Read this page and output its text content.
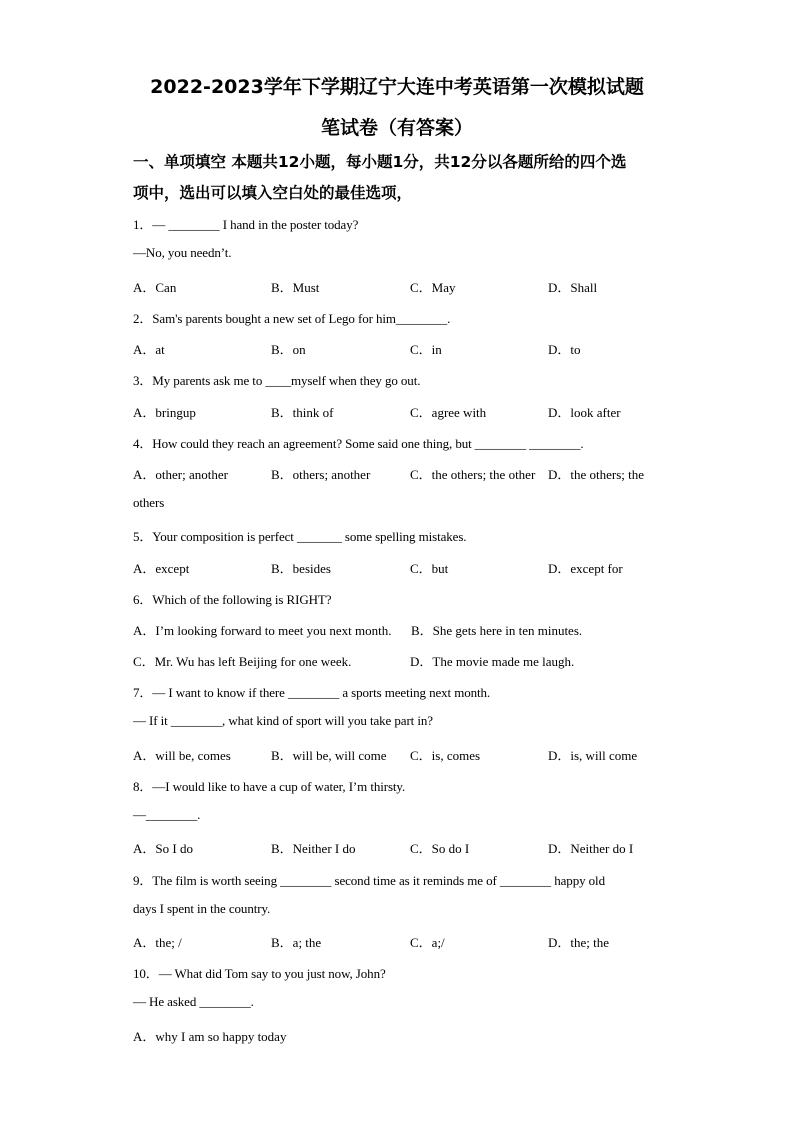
2022-2023学年下学期辽宁大连中考英语第一次模拟试题
笔试卷（有答案）
一、单项填空 本题共12小题，每小题1分，共12分以各题所给的四个选
项中，选出可以填入空白处的最佳选项，
1．— ________ I hand in the poster today?
—No, you needn’t.
A．Can	B．Must	C．May	D．Shall
2．Sam's parents bought a new set of Lego for him________.
A．at	B．on	C．in	D．to
3．My parents ask me to ____myself when they go out.
A．bringup	B．think of	C．agree with	D．look after
4．How could they reach an agreement? Some said one thing, but ________ ________.
A．other; another	B．others; another	C．the others; the other D．the others; the
others
5．Your composition is perfect _______ some spelling mistakes.
A．except	B．besides	C．but	D．except for
6．Which of the following is RIGHT?
A．I’m looking forward to meet you next month. B．She gets here in ten minutes.
C．Mr. Wu has left Beijing for one week.	D．The movie made me laugh.
7．— I want to know if there ________ a sports meeting next month.
— If it ________, what kind of sport will you take part in?
A．will be, comes	B．will be, will come C．is, comes	D．is, will come
8．—I would like to have a cup of water, I’m thirsty.
—________.
A．So I do	B．Neither I do	C．So do I	D．Neither do I
9．The film is worth seeing ________ second time as it reminds me of ________ happy old
days I spent in the country.
A．the; /	B．a; the	C．a;/	D．the; the
10．— What did Tom say to you just now, John?
— He asked ________.
A．why I am so happy today
